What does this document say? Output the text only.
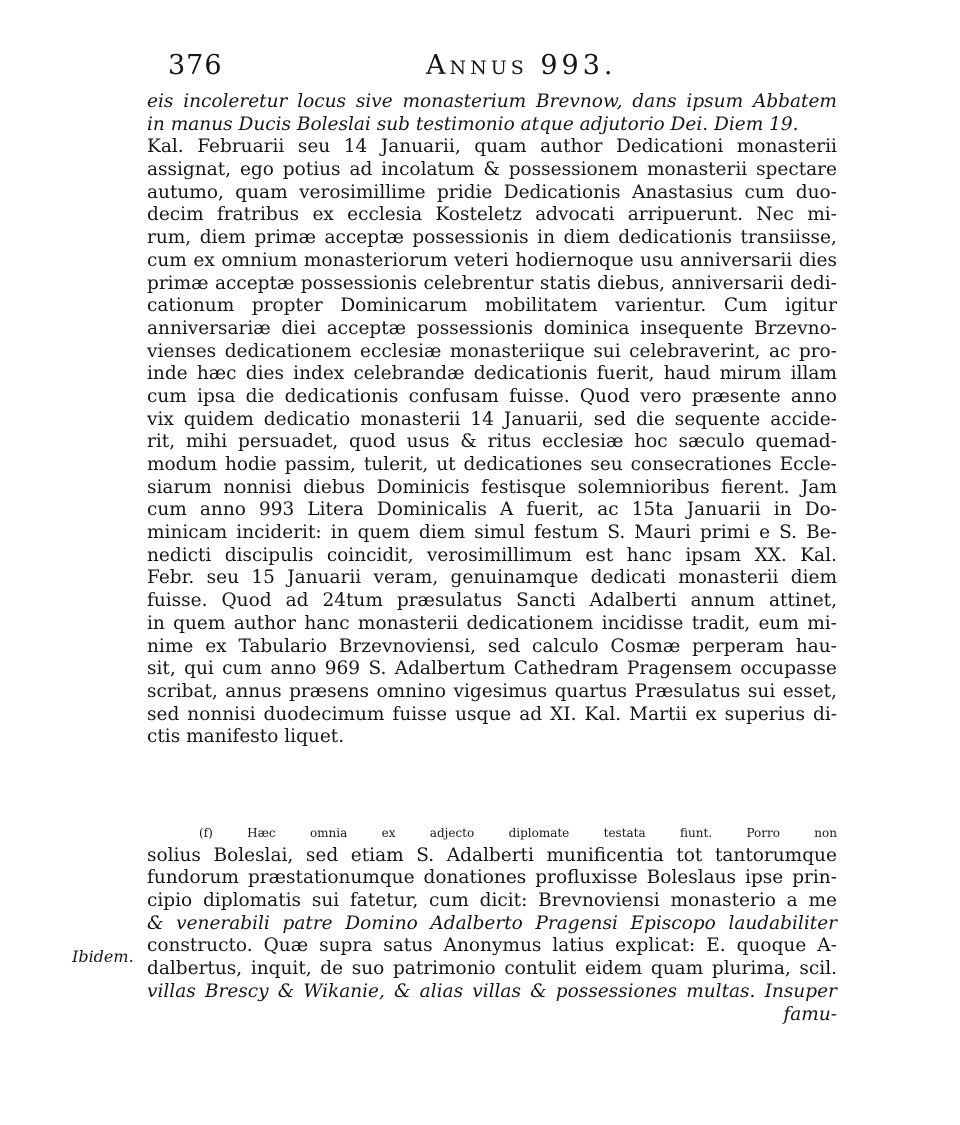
376	Annus 993.
eis incoleretur locus sive monasterium Brevnow, dans ipsum Abbatem
in manus Ducis Boleslai sub testimonio atque adjutorio Dei. Diem 19.
Kal. Februarii seu 14 Januarii, quam author Dedicationi monasterii
assignat, ego potius ad incolatum & possessionem monasterii spectare
autumo, quam verosimillime pridie Dedicationis Anastasius cum duo-
decim fratribus ex ecclesia Kosteletz advocati arripuerunt. Nec mi-
rum, diem primæ acceptæ possessionis in diem dedicationis transiisse,
cum ex omnium monasteriorum veteri hodiernoque usu anniversarii dies
primæ acceptæ possessionis celebrentur statis diebus, anniversarii dedi-
cationum propter Dominicarum mobilitatem varientur. Cum igitur
anniversariæ diei acceptæ possessionis dominica insequente Brzevno-
vienses dedicationem ecclesiæ monasteriique sui celebraverint, ac pro-
inde hæc dies index celebrandæ dedicationis fuerit, haud mirum illam
cum ipsa die dedicationis confusam fuisse. Quod vero præsente anno
vix quidem dedicatio monasterii 14 Januarii, sed die sequente accide-
rit, mihi persuadet, quod usus & ritus ecclesiæ hoc sæculo quemad-
modum hodie passim, tulerit, ut dedicationes seu consecrationes Eccle-
siarum nonnisi diebus Dominicis festisque solemnioribus fierent. Jam
cum anno 993 Litera Dominicalis A fuerit, ac 15ta Januarii in Do-
minicam inciderit: in quem diem simul festum S. Mauri primi e S. Be-
nedicti discipulis coincidit, verosimillimum est hanc ipsam XX. Kal.
Febr. seu 15 Januarii veram, genuinamque dedicati monasterii diem
fuisse. Quod ad 24tum præsulatus Sancti Adalberti annum attinet,
in quem author hanc monasterii dedicationem incidisse tradit, eum mi-
nime ex Tabulario Brzevnoviensi, sed calculo Cosmæ perperam hau-
sit, qui cum anno 969 S. Adalbertum Cathedram Pragensem occupasse
scribat, annus præsens omnino vigesimus quartus Præsulatus sui esset,
sed nonnisi duodecimum fuisse usque ad XI. Kal. Martii ex superius di-
ctis manifesto liquet.
(f)	Hæc	omnia	ex	adjecto	diplomate	testata	fiunt.	Porro	non
solius Boleslai, sed etiam S. Adalberti munificentia tot tantorumque
fundorum præstationumque donationes profluxisse Boleslaus ipse prin-
cipio diplomatis sui fatetur, cum dicit: Brevnoviensi monasterio a me
& venerabili patre Domino Adalberto Pragensi Episcopo laudabiliter
constructo. Quæ supra satus Anonymus latius explicat: E. quoque A-
dalbertus, inquit, de suo patrimonio contulit eidem quam plurima, scil.
villas Brescy & Wikanie, & alias villas & possessiones multas. Insuper
famu-
Ibidem.
